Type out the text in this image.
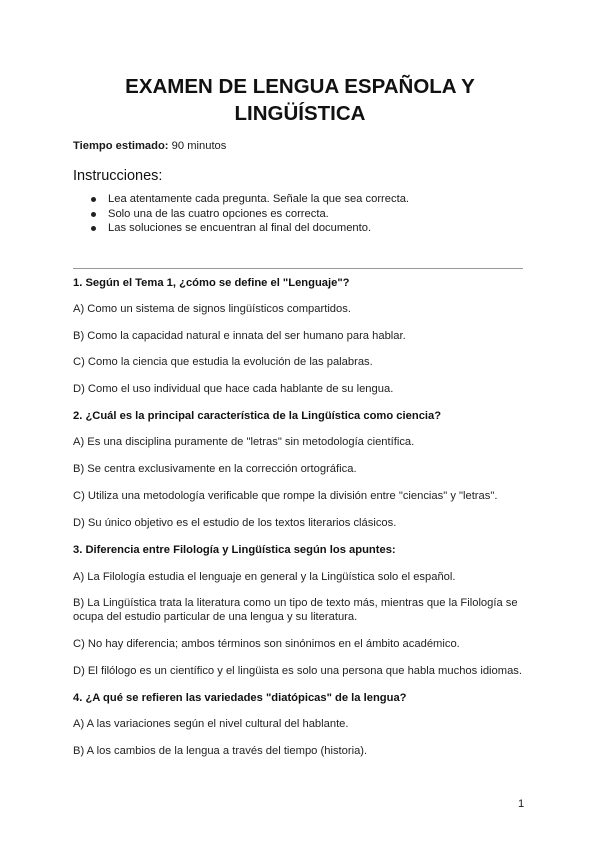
EXAMEN DE LENGUA ESPAÑOLA Y LINGÜÍSTICA
Tiempo estimado: 90 minutos
Instrucciones:
Lea atentamente cada pregunta. Señale la que sea correcta.
Solo una de las cuatro opciones es correcta.
Las soluciones se encuentran al final del documento.
1. Según el Tema 1, ¿cómo se define el "Lenguaje"?
A) Como un sistema de signos lingüísticos compartidos.
B) Como la capacidad natural e innata del ser humano para hablar.
C) Como la ciencia que estudia la evolución de las palabras.
D) Como el uso individual que hace cada hablante de su lengua.
2. ¿Cuál es la principal característica de la Lingüística como ciencia?
A) Es una disciplina puramente de "letras" sin metodología científica.
B) Se centra exclusivamente en la corrección ortográfica.
C) Utiliza una metodología verificable que rompe la división entre "ciencias" y "letras".
D) Su único objetivo es el estudio de los textos literarios clásicos.
3. Diferencia entre Filología y Lingüística según los apuntes:
A) La Filología estudia el lenguaje en general y la Lingüística solo el español.
B) La Lingüística trata la literatura como un tipo de texto más, mientras que la Filología se ocupa del estudio particular de una lengua y su literatura.
C) No hay diferencia; ambos términos son sinónimos en el ámbito académico.
D) El filólogo es un científico y el lingüista es solo una persona que habla muchos idiomas.
4. ¿A qué se refieren las variedades "diatópicas" de la lengua?
A) A las variaciones según el nivel cultural del hablante.
B) A los cambios de la lengua a través del tiempo (historia).
1
